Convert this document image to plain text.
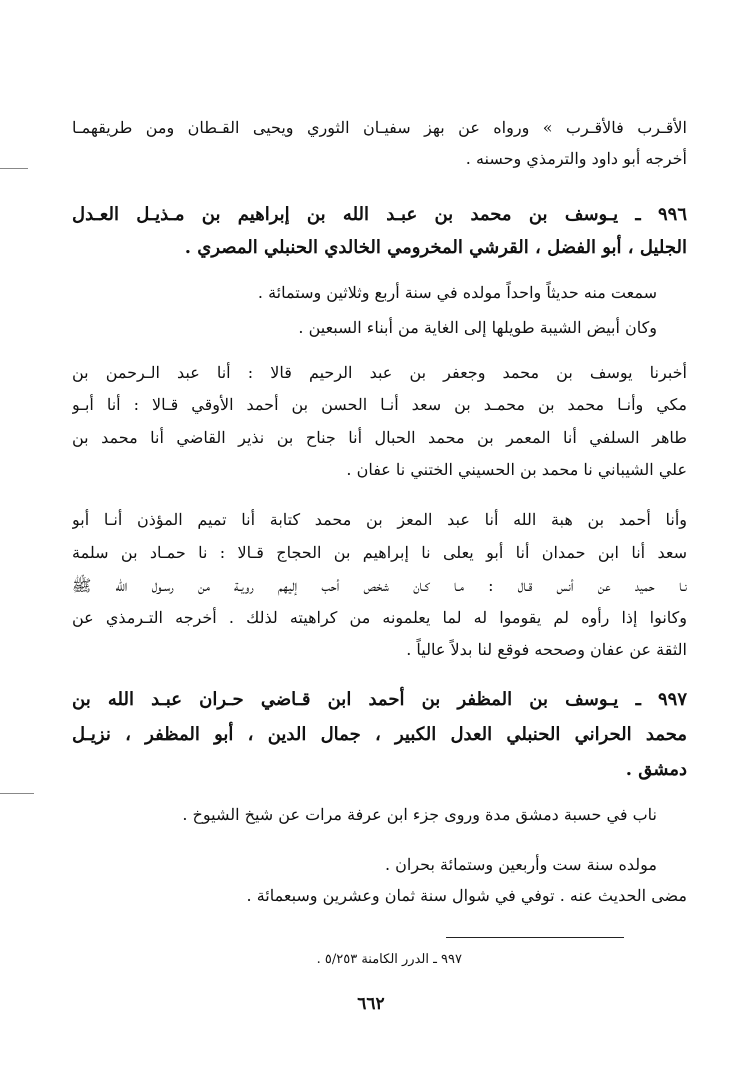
الأقـرب فالأقـرب » ورواه عن بهز سفيـان الثوري ويحيى القـطان ومن طريقهمـا
أخرجه أبو داود والترمذي وحسنه .
٩٩٦ ـ يـوسف بن محمد بن عبـد الله بن إبراهيم بن مـذيـل العـدل
الجليل ، أبو الفضل ، القرشي المخرومي الخالدي الحنبلي المصري .
سمعت منه حديثاً واحداً مولده في سنة أربع وثلاثين وستمائة .
وكان أبيض الشيبة طويلها إلى الغاية من أبناء السبعين .
أخبرنا يوسف بن محمد وجعفر بن عبد الرحيم قالا : أنا عبد الـرحمن بن
مكي وأنـا محمد بن محمـد بن سعد أنـا الحسن بن أحمد الأوقي قـالا : أنا أبـو
طاهر السلفي أنا المعمر بن محمد الحبال أنا جناح بن نذير القاضي أنا محمد بن
علي الشيباني نا محمد بن الحسيني الختني نا عفان .
وأنا أحمد بن هبة الله أنا عبد المعز بن محمد كتابة أنا تميم المؤذن أنـا أبو
سعد أنا ابن حمدان أنا أبو يعلى نا إبراهيم بن الحجاج قـالا : نا حمـاد بن سلمة
نـا حميد عن أنس قـال : مـا كـان شخص أحب إليهم رويـة من رسـول الله ﷺ
وكانوا إذا رأوه لم يقوموا له لما يعلمونه من كراهيته لذلك . أخرجه التـرمذي عن
الثقة عن عفان وصححه فوقع لنا بدلاً عالياً .
٩٩٧ ـ يـوسف بن المظفر بن أحمد ابن قـاضي حـران عبـد الله بن
محمد الحراني الحنبلي العدل الكبير ، جمال الدين ، أبو المظفر ، نزيـل
دمشق .
ناب في حسبة دمشق مدة وروى جزء ابن عرفة مرات عن شيخ الشيوخ .
مولده سنة ست وأربعين وستمائة بحران .
مضى الحديث عنه . توفي في شوال سنة ثمان وعشرين وسبعمائة .
٩٩٧ ـ الدرر الكامنة ٥/٢٥٣ .
٦٦٢
